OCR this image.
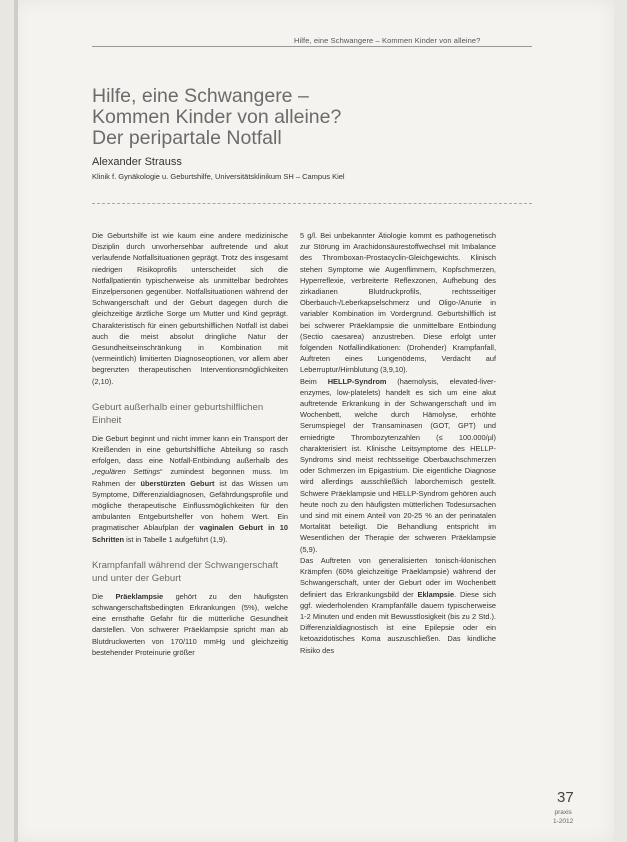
Hilfe, eine Schwangere – Kommen Kinder von alleine?
Hilfe, eine Schwangere –
Kommen Kinder von alleine?
Der peripartale Notfall
Alexander Strauss
Klinik f. Gynäkologie u. Geburtshilfe, Universitätsklinikum SH – Campus Kiel

Die Geburtshilfe ist wie kaum eine andere medizinische Disziplin durch unvorhersehbar auftretende und akut verlaufende Notfallsituationen geprägt. Trotz des insgesamt niedrigen Risikoprofils unterscheidet sich die Notfallpatientin typischerweise als unmittelbar bedrohtes Einzelpersonen gegenüber. Notfallsituationen während der Schwangerschaft und der Geburt dagegen durch die gleichzeitige ärztliche Sorge um Mutter und Kind geprägt. Charakteristisch für einen geburtshilflichen Notfall ist dabei auch die meist absolut dringliche Natur der Gesundheitseinschränkung in Kombination mit (vermeintlich) limitierten Diagnoseoptionen, vor allem aber begrenzten therapeutischen Interventionsmöglichkeiten (2,10).

Geburt außerhalb einer geburtshilflichen Einheit

Die Geburt beginnt und nicht immer kann ein Transport der Kreißenden in eine geburtshilfliche Abteilung so rasch erfolgen, dass eine Notfall-Entbindung außerhalb des „regulären Settings“ zumindest begonnen muss. Im Rahmen der überstürzten Geburt ist das Wissen um Symptome, Differenzialdiagnosen, Gefährdungsprofile und mögliche therapeutische Einflussmöglichkeiten für den ambulanten Entgeburtshelfer von hohem Wert. Ein pragmatischer Ablaufplan der vaginalen Geburt in 10 Schritten ist in Tabelle 1 aufgeführt (1,9).

Krampfanfall während der Schwangerschaft und unter der Geburt

Die Präeklampsie gehört zu den häufigsten schwangerschaftsbedingten Erkrankungen (5%), welche eine ernsthafte Gefahr für die mütterliche Gesundheit darstellen. Von schwerer Präeklampsie spricht man ab Blutdruckwerten von 170/110 mmHg und gleichzeitig bestehender Proteinurie größer

5 g/l. Bei unbekannter Ätiologie kommt es pathogenetisch zur Störung im Arachidonsäurestoffwechsel mit Imbalance des Thromboxan-Prostacyclin-Gleichgewichts. Klinisch stehen Symptome wie Augenflimmern, Kopfschmerzen, Hyperreflexie, verbreiterte Reflexzonen, Aufhebung des zirkadianen Blutdruckprofils, rechtsseitiger Oberbauch-/Leberkapselschmerz und Oligo-/Anurie in variabler Kombination im Vordergrund. Geburtshilflich ist bei schwerer Präeklampsie die unmittelbare Entbindung (Sectio caesarea) anzustreben. Diese erfolgt unter folgenden Notfallindikationen: (Drohender) Krampfanfall, Auftreten eines Lungenödems, Verdacht auf Leberruptur/Hirnblutung (3,9,10).

Beim HELLP-Syndrom (haemolysis, elevated-liver-enzymes, low-platelets) handelt es sich um eine akut auftretende Erkrankung in der Schwangerschaft und im Wochenbett, welche durch Hämolyse, erhöhte Serumspiegel der Transaminasen (GOT, GPT) und erniedrigte Thrombozytenzahlen (≤ 100.000/µl) charakterisiert ist. Klinische Leitsymptome des HELLP-Syndroms sind meist rechtsseitige Oberbauchschmerzen oder Schmerzen im Epigastrium. Die eigentliche Diagnose wird allerdings ausschließlich laborchemisch gestellt. Schwere Präeklampsie und HELLP-Syndrom gehören auch heute noch zu den häufigsten mütterlichen Todesursachen und sind mit einem Anteil von 20-25 % an der perinatalen Mortalität beteiligt. Die Behandlung entspricht im Wesentlichen der Therapie der schweren Präeklampsie (5,9).

Das Auftreten von generalisierten tonisch-klonischen Krämpfen (60% gleichzeitige Präeklampsie) während der Schwangerschaft, unter der Geburt oder im Wochenbett definiert das Erkrankungsbild der Eklampsie. Diese sich ggf. wiederholenden Krampfanfälle dauern typischerweise 1-2 Minuten und enden mit Bewusstlosigkeit (bis zu 2 Std.). Differenzialdiagnostisch ist eine Epilepsie oder ein ketoazidotisches Koma auszuschließen. Das kindliche Risiko des

37
praxis
1-2012
